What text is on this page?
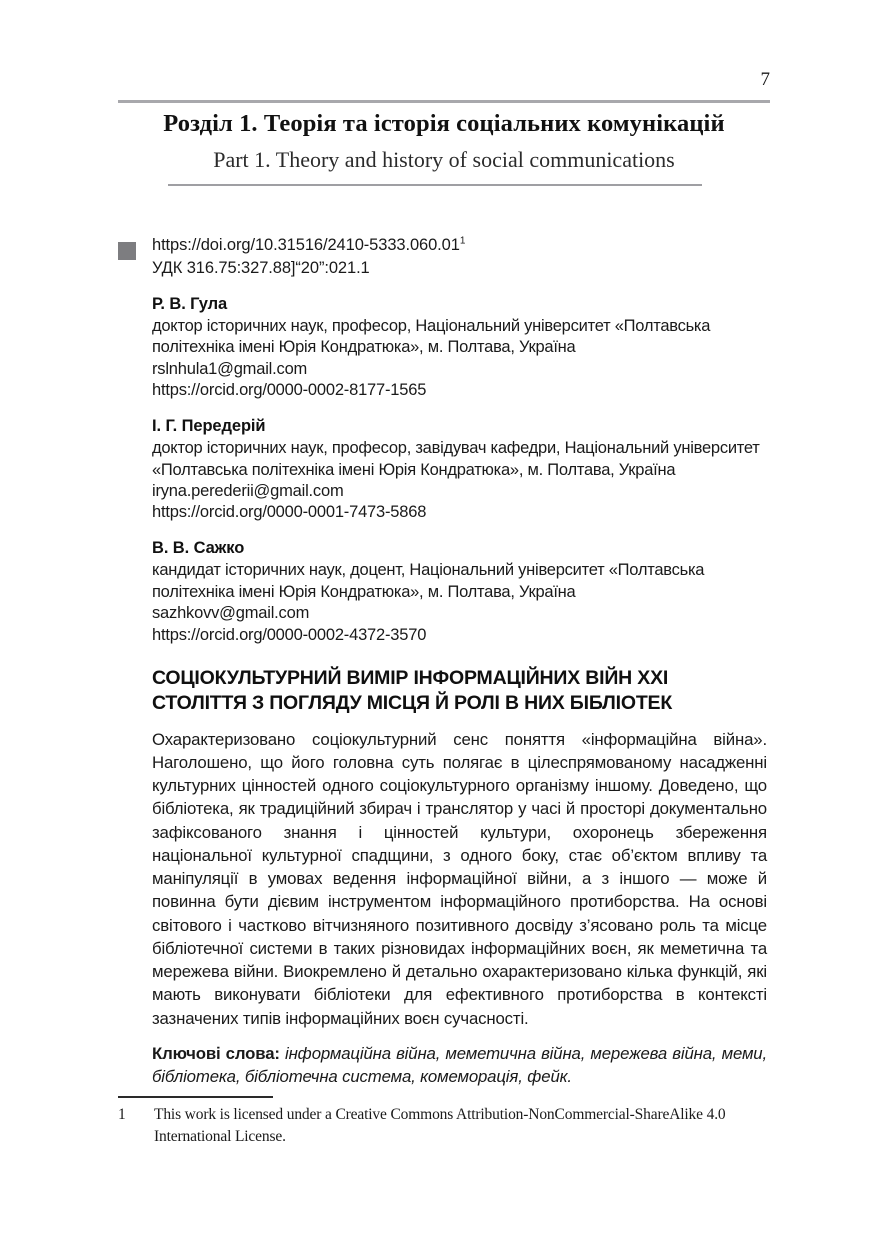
7
Розділ 1. Теорія та історія соціальних комунікацій
Part 1. Theory and history of social communications
https://doi.org/10.31516/2410-5333.060.01$^1$
УДК 316.75:327.88]“20”:021.1
Р. В. Гула
доктор історичних наук, професор, Національний університет «Полтавська політехніка імені Юрія Кондратюка», м. Полтава, Україна
rslnhula1@gmail.com
https://orcid.org/0000-0002-8177-1565
І. Г. Передерій
доктор історичних наук, професор, завідувач кафедри, Національний університет «Полтавська політехніка імені Юрія Кондратюка», м. Полтава, Україна
iryna.perederii@gmail.com
https://orcid.org/0000-0001-7473-5868
В. В. Сажко
кандидат історичних наук, доцент, Національний університет «Полтавська політехніка імені Юрія Кондратюка», м. Полтава, Україна
sazhkovv@gmail.com
https://orcid.org/0000-0002-4372-3570
СОЦІОКУЛЬТУРНИЙ ВИМІР ІНФОРМАЦІЙНИХ ВІЙН XXI СТОЛІТТЯ З ПОГЛЯДУ МІСЦЯ Й РОЛІ В НИХ БІБЛІОТЕК
Охарактеризовано соціокультурний сенс поняття «інформаційна війна». Наголошено, що його головна суть полягає в цілеспрямованому насадженні культурних цінностей одного соціокультурного організму іншому. Доведено, що бібліотека, як традиційний збирач і транслятор у часі й просторі документально зафіксованого знання і цінностей культури, охоронець збереження національної культурної спадщини, з одного боку, стає об’єктом впливу та маніпуляції в умовах ведення інформаційної війни, а з іншого — може й повинна бути дієвим інструментом інформаційного протиборства. На основі світового і частково вітчизняного позитивного досвіду з’ясовано роль та місце бібліотечної системи в таких різновидах інформаційних воєн, як меметична та мережева війни. Виокремлено й детально охарактеризовано кілька функцій, які мають виконувати бібліотеки для ефективного протиборства в контексті зазначених типів інформаційних воєн сучасності.
Ключові слова: інформаційна війна, меметична війна, мережева війна, меми, бібліотека, бібліотечна система, комеморація, фейк.
1	This work is licensed under a Creative Commons Attribution-NonCommercial-ShareAlike 4.0 International License.
